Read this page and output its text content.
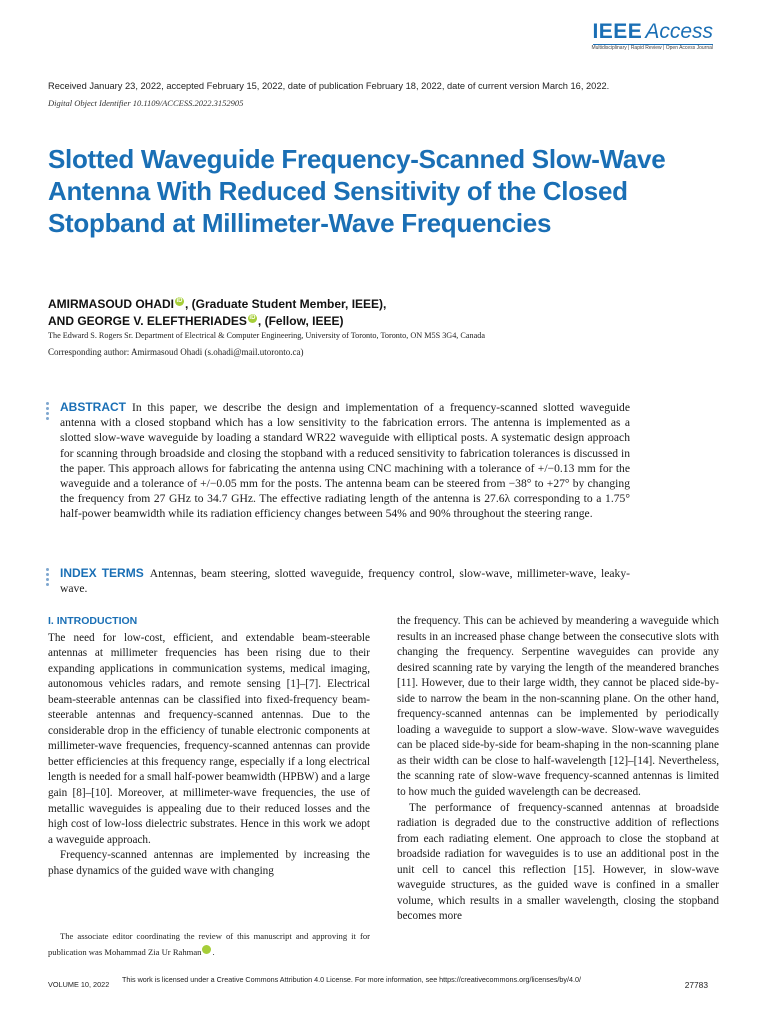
IEEE Access
Multidisciplinary | Rapid Review | Open Access Journal
Received January 23, 2022, accepted February 15, 2022, date of publication February 18, 2022, date of current version March 16, 2022.
Digital Object Identifier 10.1109/ACCESS.2022.3152905
Slotted Waveguide Frequency-Scanned Slow-Wave Antenna With Reduced Sensitivity of the Closed Stopband at Millimeter-Wave Frequencies
AMIRMASOUD OHADI iD , (Graduate Student Member, IEEE),
AND GEORGE V. ELEFTHERIADES iD , (Fellow, IEEE)
The Edward S. Rogers Sr. Department of Electrical & Computer Engineering, University of Toronto, Toronto, ON M5S 3G4, Canada
Corresponding author: Amirmasoud Ohadi (s.ohadi@mail.utoronto.ca)
ABSTRACT In this paper, we describe the design and implementation of a frequency-scanned slotted waveguide antenna with a closed stopband which has a low sensitivity to the fabrication errors. The antenna is implemented as a slotted slow-wave waveguide by loading a standard WR22 waveguide with elliptical posts. A systematic design approach for scanning through broadside and closing the stopband with a reduced sensitivity to fabrication tolerances is discussed in the paper. This approach allows for fabricating the antenna using CNC machining with a tolerance of +/−0.13 mm for the waveguide and a tolerance of +/−0.05 mm for the posts. The antenna beam can be steered from −38° to +27° by changing the frequency from 27 GHz to 34.7 GHz. The effective radiating length of the antenna is 27.6λ corresponding to a 1.75° half-power beamwidth while its radiation efficiency changes between 54% and 90% throughout the steering range.
INDEX TERMS Antennas, beam steering, slotted waveguide, frequency control, slow-wave, millimeter-wave, leaky-wave.
I. INTRODUCTION

The need for low-cost, efficient, and extendable beam-steerable antennas at millimeter frequencies has been rising due to their expanding applications in communication systems, medical imaging, autonomous vehicles radars, and remote sensing [1]–[7]. Electrical beam-steerable antennas can be classified into fixed-frequency beam-steerable antennas and frequency-scanned antennas. Due to the considerable drop in the efficiency of tunable electronic components at millimeter-wave frequencies, frequency-scanned antennas can provide better efficiencies at this frequency range, especially if a long electrical length is needed for a small half-power beamwidth (HPBW) and a large gain [8]–[10]. Moreover, at millimeter-wave frequencies, the use of metallic waveguides is appealing due to their reduced losses and the high cost of low-loss dielectric substrates. Hence in this work we adopt a waveguide approach.

Frequency-scanned antennas are implemented by increasing the phase dynamics of the guided wave with changing

the frequency. This can be achieved by meandering a waveguide which results in an increased phase change between the consecutive slots with changing the frequency. Serpentine waveguides can provide any desired scanning rate by varying the length of the meandered branches [11]. However, due to their large width, they cannot be placed side-by-side to narrow the beam in the non-scanning plane. On the other hand, frequency-scanned antennas can be implemented by periodically loading a waveguide to support a slow-wave. Slow-wave waveguides can be placed side-by-side for beam-shaping in the non-scanning plane as their width can be close to half-wavelength [12]–[14]. Nevertheless, the scanning rate of slow-wave frequency-scanned antennas is limited to how much the guided wavelength can be decreased.

The performance of frequency-scanned antennas at broadside radiation is degraded due to the constructive addition of reflections from each radiating element. One approach to close the stopband at broadside radiation for waveguides is to use an additional post in the unit cell to cancel this reflection [15]. However, in slow-wave waveguide structures, as the guided wave is confined in a smaller volume, which results in a smaller wavelength, closing the stopband becomes more

The associate editor coordinating the review of this manuscript and approving it for publication was Mohammad Zia Ur Rahman iD.
VOLUME 10, 2022
This work is licensed under a Creative Commons Attribution 4.0 License. For more information, see https://creativecommons.org/licenses/by/4.0/
27783
